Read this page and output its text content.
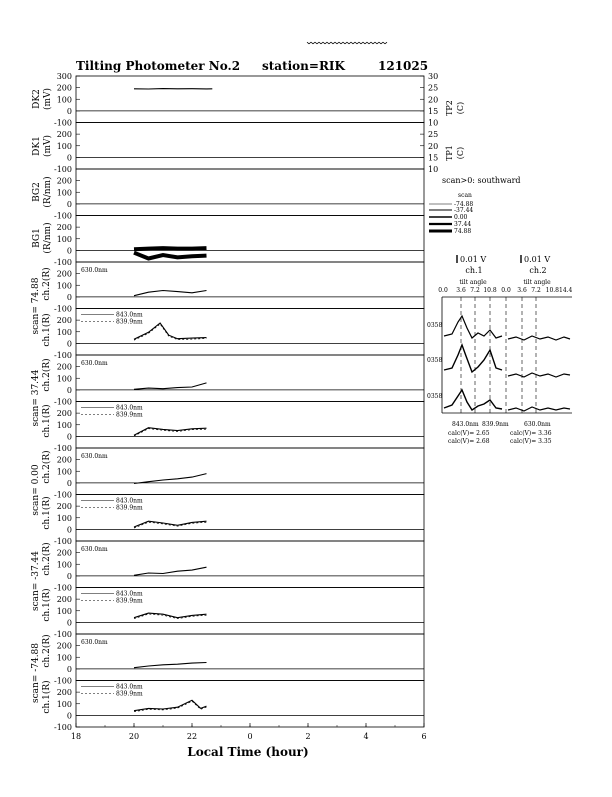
300
200
100
0
-100
30
25
20
15
10
200
100
0
-100
25
20
15
10
200
100
0
-100
200
100
0
-100
200
100
0
-100
630.0nm
200
100
0
-100
843.0nm
839.9nm
200
100
0
-100
630.0nm
200
100
0
-100
843.0nm
839.9nm
200
100
0
-100
630.0nm
200
100
0
-100
843.0nm
839.9nm
200
100
0
-100
630.0nm
200
100
0
-100
843.0nm
839.9nm
200
100
0
-100
630.0nm
200
100
0
-100
843.0nm
839.9nm
18	20	22	0	2	4	6
Tilting Photometer No.2 station=RIK	121025
Local Time (hour)
TP2 (C)
TP1 (C)
scan>0: southward
scan
-74.88
-37.44
0.00
37.44
74.88
0.01 V	0.01 V
ch.1	ch.2
tilt angle	tilt angle
0.0 3.6 7.2 10.8 0.0 3.6 7.2 10.814.4
0358
0358
0358
843.0nm 839.9nm	630.0nm
calc(V)= 2.65
calc(V)= 2.68
calc(V)= 3.36
calc(V)= 3.35
DK2 (mV)
DK1 (mV)
BG2 (R/nm)
BG1 (R/nm)
scan= 74.88 ch.2(R)
ch.1(R)
scan= 37.44 ch.2(R)
ch.1(R)
scan= 0.00 ch.2(R)
ch.1(R)
scan= -37.44 ch.2(R)
ch.1(R)
scan= -74.88 ch.2(R)
ch.1(R)
